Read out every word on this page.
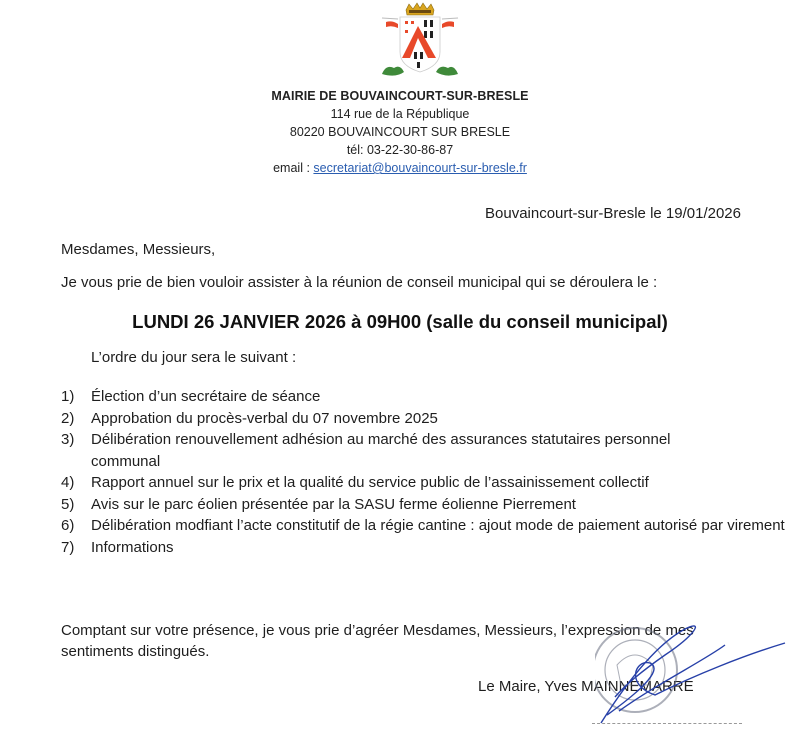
MAIRIE DE BOUVAINCOURT-SUR-BRESLE
114 rue de la République
80220 BOUVAINCOURT SUR BRESLE
tél: 03-22-30-86-87
email : secretariat@bouvaincourt-sur-bresle.fr
Bouvaincourt-sur-Bresle le 19/01/2026
Mesdames, Messieurs,
Je vous prie de bien vouloir assister à la réunion de conseil municipal qui se déroulera le :
LUNDI 26 JANVIER 2026 à 09H00 (salle du conseil municipal)
L’ordre du jour sera le suivant :
1) Élection d’un secrétaire de séance
2) Approbation du procès-verbal du 07 novembre 2025
3) Délibération renouvellement adhésion au marché des assurances statutaires personnel communal
4) Rapport annuel sur le prix et la qualité du service public de l’assainissement collectif
5) Avis sur le parc éolien présentée par la SASU ferme éolienne Pierrement
6) Délibération modfiant l’acte constitutif de la régie cantine : ajout mode de paiement autorisé par virement
7) Informations
Comptant sur votre présence, je vous prie d’agréer Mesdames, Messieurs, l’expression de mes sentiments distingués.
Le Maire, Yves MAINNEMARRE
